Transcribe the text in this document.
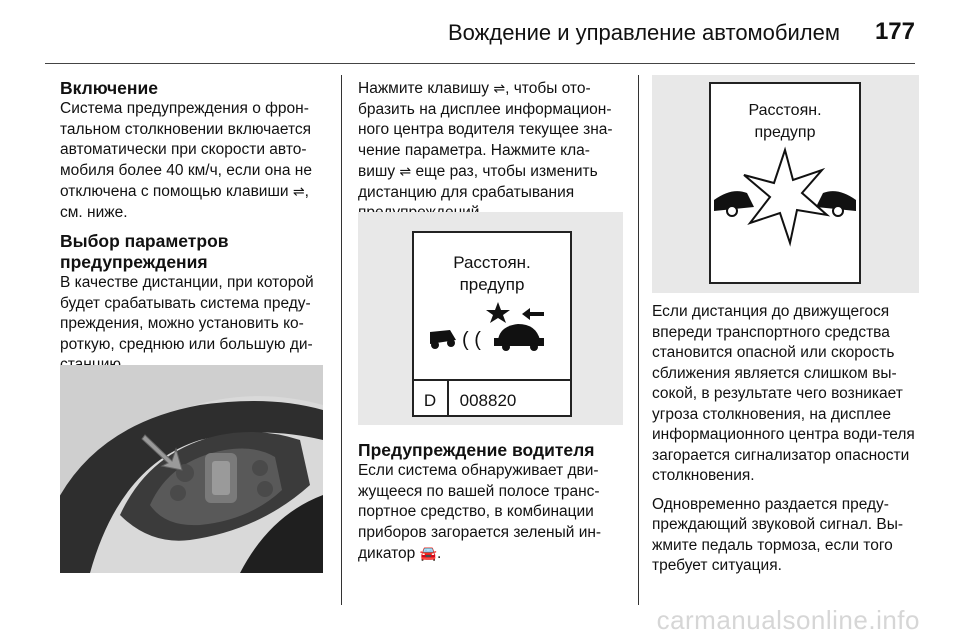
Вождение и управление автомобилем 177
Включение

Система предупреждения о фрон-тальном столкновении включается автоматически при скорости авто-мобиля более 40 км/ч, если она не отключена с помощью клавиши ⇌, см. ниже.

Выбор параметров предупреждения

В качестве дистанции, при которой будет срабатывать система преду-преждения, можно установить ко-роткую, среднюю или большую ди-

Нажмите клавишу ⇌, чтобы ото-бразить на дисплее информацион-ного центра водителя текущее зна-чение параметра. Нажмите кла-вишу ⇌ еще раз, чтобы изменить дистанцию для срабатывания

Расстоян.
предупр
( (
D 008820
Предупреждение водителя

Если система обнаруживает дви-жущееся по вашей полосе транс-портное средство, в комбинации приборов загорается зеленый ин-дикатор 🚘.

Расстоян.
предупр

Если дистанция до движущегося впереди транспортного средства становится опасной или скорость сближения является слишком вы-сокой, в результате чего возникает угроза столкновения, на дисплее информационного центра води-теля загорается сигнализатор опасности столкновения.

Одновременно раздается преду-преждающий звуковой сигнал. Вы-жмите педаль тормоза, если того требует ситуация.

carmanualsonline.info
